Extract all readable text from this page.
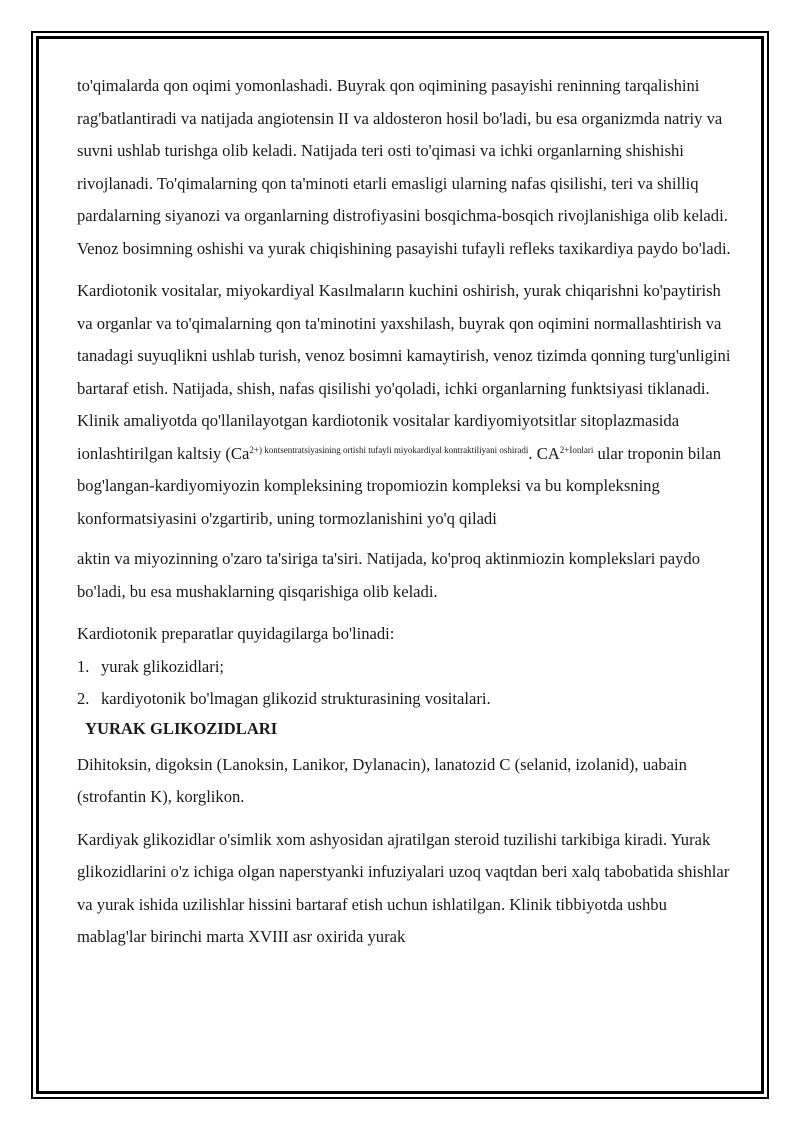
to'qimalarda qon oqimi yomonlashadi. Buyrak qon oqimining pasayishi reninning tarqalishini rag'batlantiradi va natijada angiotensin II va aldosteron hosil bo'ladi, bu esa organizmda natriy va suvni ushlab turishga olib keladi. Natijada teri osti to'qimasi va ichki organlarning shishishi rivojlanadi. To'qimalarning qon ta'minoti etarli emasligi ularning nafas qisilishi, teri va shilliq pardalarning siyanozi va organlarning distrofiyasini bosqichma-bosqich rivojlanishiga olib keladi. Venoz bosimning oshishi va yurak chiqishining pasayishi tufayli refleks taxikardiya paydo bo'ladi.

Kardiotonik vositalar, miyokardiyal Kasılmaların kuchini oshirish, yurak chiqarishni ko'paytirish va organlar va to'qimalarning qon ta'minotini yaxshilash, buyrak qon oqimini normallashtirish va tanadagi suyuqlikni ushlab turish, venoz bosimni kamaytirish, venoz tizimda qonning turg'unligini bartaraf etish. Natijada, shish, nafas qisilishi yo'qoladi, ichki organlarning funktsiyasi tiklanadi. Klinik amaliyotda qo'llanilayotgan kardiotonik vositalar kardiyomiyotsitlar sitoplazmasida ionlashtirilgan kaltsiy ($Ca^{2+) kontsentratsiyasining ortishi tufayli miyokardiyal kontraktiliyani oshiradi}$. $CA^{2+Ionlari}$ ular troponin bilan bog'langan-kardiyomiyozin kompleksining tropomiozin kompleksi va bu kompleksning konformatsiyasini o'zgartirib, uning tormozlanishini yo'q qiladi

aktin va miyozinning o'zaro ta'siriga ta'siri. Natijada, ko'proq aktinmiozin komplekslari paydo bo'ladi, bu esa mushaklarning qisqarishiga olib keladi.

Kardiotonik preparatlar quyidagilarga bo'linadi:

1. yurak glikozidlari;
2. kardiyotonik bo'lmagan glikozid strukturasining vositalari.
YURAK GLIKOZIDLARI

Dihitoksin, digoksin (Lanoksin, Lanikor, Dylanacin), lanatozid C (selanid, izolanid), uabain (strofantin K), korglikon.

Kardiyak glikozidlar o'simlik xom ashyosidan ajratilgan steroid tuzilishi tarkibiga kiradi. Yurak glikozidlarini o'z ichiga olgan naperstyanki infuziyalari uzoq vaqtdan beri xalq tabobatida shishlar va yurak ishida uzilishlar hissini bartaraf etish uchun ishlatilgan. Klinik tibbiyotda ushbu mablag'lar birinchi marta XVIII asr oxirida yurak
